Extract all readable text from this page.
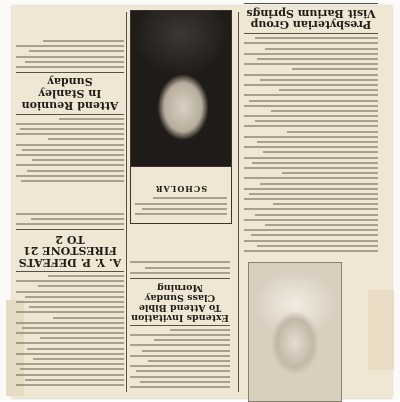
Attend Reunion In Stanley Sunday
A. Y. P. DEFEATS FIRESTONE 21 TO 2
SCHOLAR
Extends Invitation To Attend Bible Class Sunday Morning
Presbyterian Group Visit Barium Springs
